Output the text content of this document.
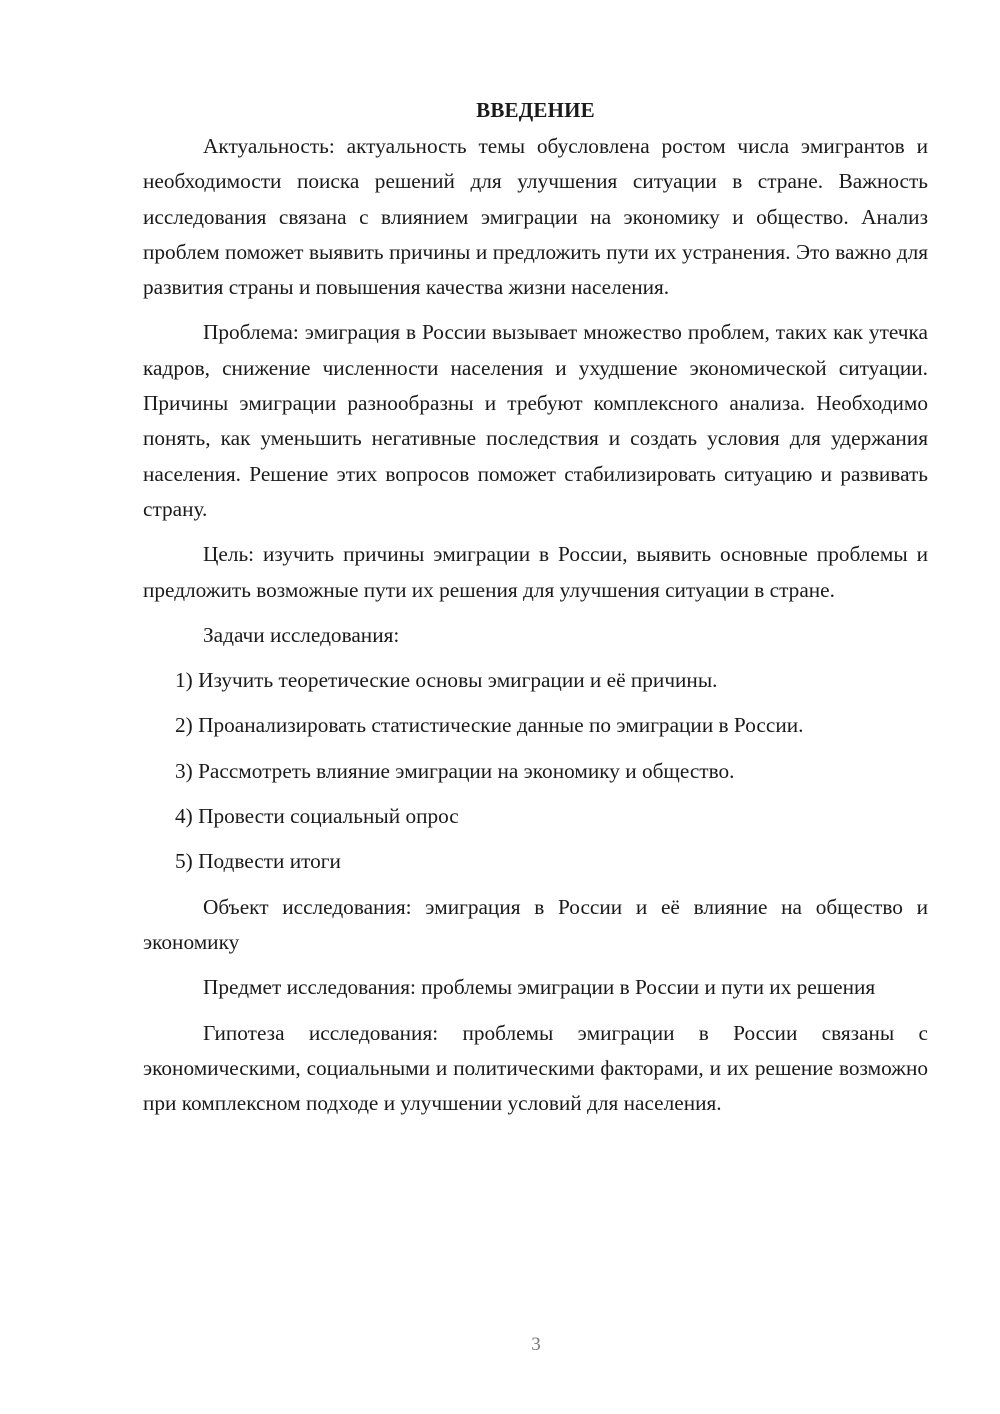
ВВЕДЕНИЕ

Актуальность: актуальность темы обусловлена ростом числа эмигрантов и необходимости поиска решений для улучшения ситуации в стране. Важность исследования связана с влиянием эмиграции на экономику и общество. Анализ проблем поможет выявить причины и предложить пути их устранения. Это важно для развития страны и повышения качества жизни населения.

Проблема: эмиграция в России вызывает множество проблем, таких как утечка кадров, снижение численности населения и ухудшение экономической ситуации. Причины эмиграции разнообразны и требуют комплексного анализа. Необходимо понять, как уменьшить негативные последствия и создать условия для удержания населения. Решение этих вопросов поможет стабилизировать ситуацию и развивать страну.

Цель: изучить причины эмиграции в России, выявить основные проблемы и предложить возможные пути их решения для улучшения ситуации в стране.

Задачи исследования:

1) Изучить теоретические основы эмиграции и её причины.
2) Проанализировать статистические данные по эмиграции в России.
3) Рассмотреть влияние эмиграции на экономику и общество.
4) Провести социальный опрос
5) Подвести итоги

Объект исследования: эмиграция в России и её влияние на общество и экономику

Предмет исследования: проблемы эмиграции в России и пути их решения

Гипотеза исследования: проблемы эмиграции в России связаны с экономическими, социальными и политическими факторами, и их решение возможно при комплексном подходе и улучшении условий для населения.

3
